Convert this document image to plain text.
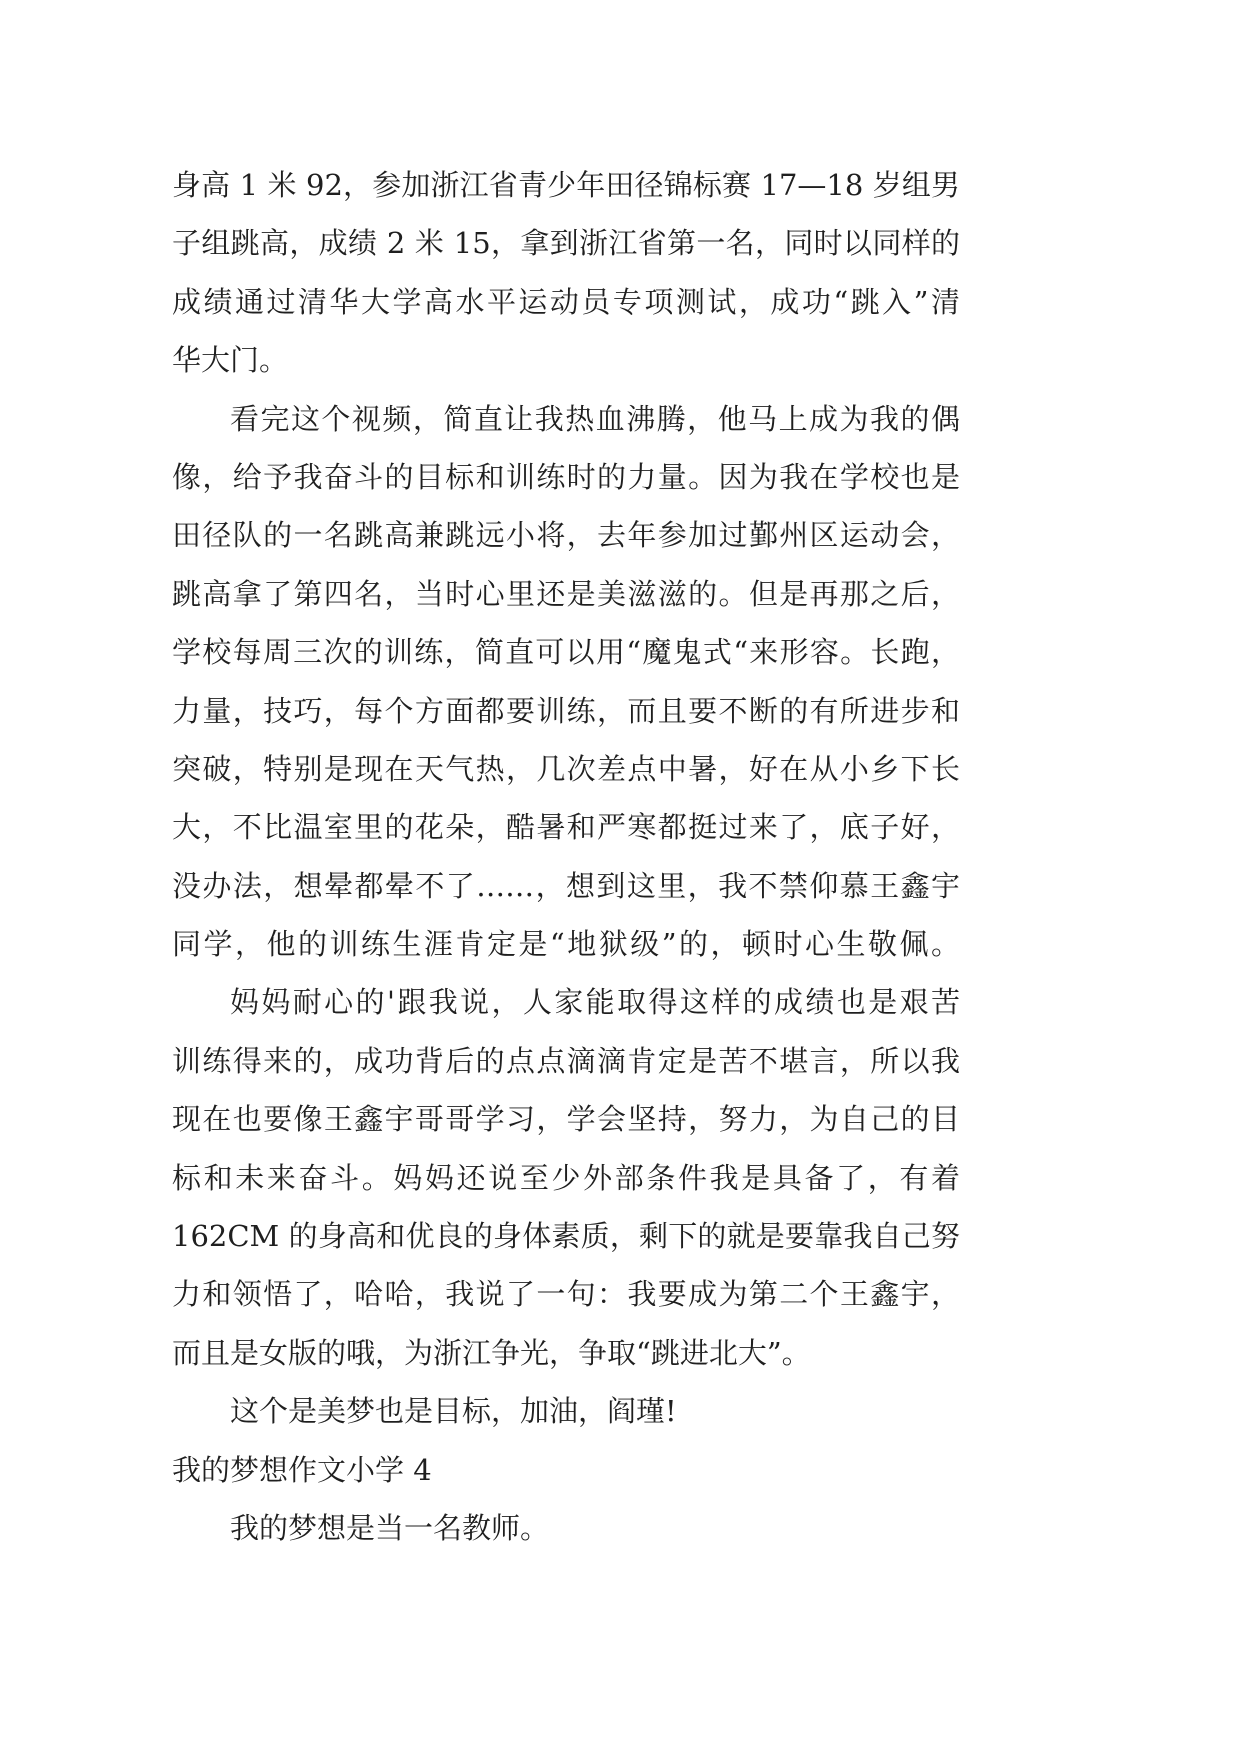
身高 1 米 92，参加浙江省青少年田径锦标赛 17—18 岁组男
子组跳高，成绩 2 米 15，拿到浙江省第一名，同时以同样的
成绩通过清华大学高水平运动员专项测试，成功“跳入”清
华大门。
看完这个视频，简直让我热血沸腾，他马上成为我的偶
像，给予我奋斗的目标和训练时的力量。因为我在学校也是
田径队的一名跳高兼跳远小将，去年参加过鄞州区运动会，
跳高拿了第四名，当时心里还是美滋滋的。但是再那之后，
学校每周三次的训练，简直可以用“魔鬼式“来形容。长跑，
力量，技巧，每个方面都要训练，而且要不断的有所进步和
突破，特别是现在天气热，几次差点中暑，好在从小乡下长
大，不比温室里的花朵，酷暑和严寒都挺过来了，底子好，
没办法，想晕都晕不了……，想到这里，我不禁仰慕王鑫宇
同学，他的训练生涯肯定是“地狱级”的，顿时心生敬佩。
妈妈耐心的'跟我说，人家能取得这样的成绩也是艰苦
训练得来的，成功背后的点点滴滴肯定是苦不堪言，所以我
现在也要像王鑫宇哥哥学习，学会坚持，努力，为自己的目
标和未来奋斗。妈妈还说至少外部条件我是具备了，有着
162CM 的身高和优良的身体素质，剩下的就是要靠我自己努
力和领悟了，哈哈，我说了一句：我要成为第二个王鑫宇，
而且是女版的哦，为浙江争光，争取“跳进北大”。
这个是美梦也是目标，加油，阎瑾!
我的梦想作文小学 4
我的梦想是当一名教师。
